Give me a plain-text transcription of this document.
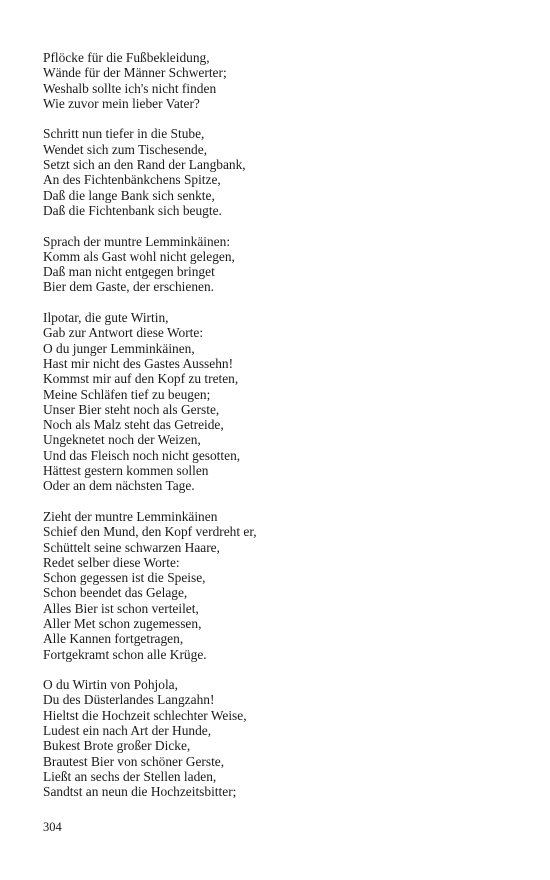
Pflöcke für die Fußbekleidung,
Wände für der Männer Schwerter;
Weshalb sollte ich's nicht finden
Wie zuvor mein lieber Vater?

Schritt nun tiefer in die Stube,
Wendet sich zum Tischesende,
Setzt sich an den Rand der Langbank,
An des Fichtenbänkchens Spitze,
Daß die lange Bank sich senkte,
Daß die Fichtenbank sich beugte.

Sprach der muntre Lemminkäinen:
Komm als Gast wohl nicht gelegen,
Daß man nicht entgegen bringet
Bier dem Gaste, der erschienen.

Ilpotar, die gute Wirtin,
Gab zur Antwort diese Worte:
O du junger Lemminkäinen,
Hast mir nicht des Gastes Aussehn!
Kommst mir auf den Kopf zu treten,
Meine Schläfen tief zu beugen;
Unser Bier steht noch als Gerste,
Noch als Malz steht das Getreide,
Ungeknetet noch der Weizen,
Und das Fleisch noch nicht gesotten,
Hättest gestern kommen sollen
Oder an dem nächsten Tage.

Zieht der muntre Lemminkäinen
Schief den Mund, den Kopf verdreht er,
Schüttelt seine schwarzen Haare,
Redet selber diese Worte:
Schon gegessen ist die Speise,
Schon beendet das Gelage,
Alles Bier ist schon verteilet,
Aller Met schon zugemessen,
Alle Kannen fortgetragen,
Fortgekramt schon alle Krüge.

O du Wirtin von Pohjola,
Du des Düsterlandes Langzahn!
Hieltst die Hochzeit schlechter Weise,
Ludest ein nach Art der Hunde,
Bukest Brote großer Dicke,
Brautest Bier von schöner Gerste,
Ließt an sechs der Stellen laden,
Sandtst an neun die Hochzeitsbitter;

304
